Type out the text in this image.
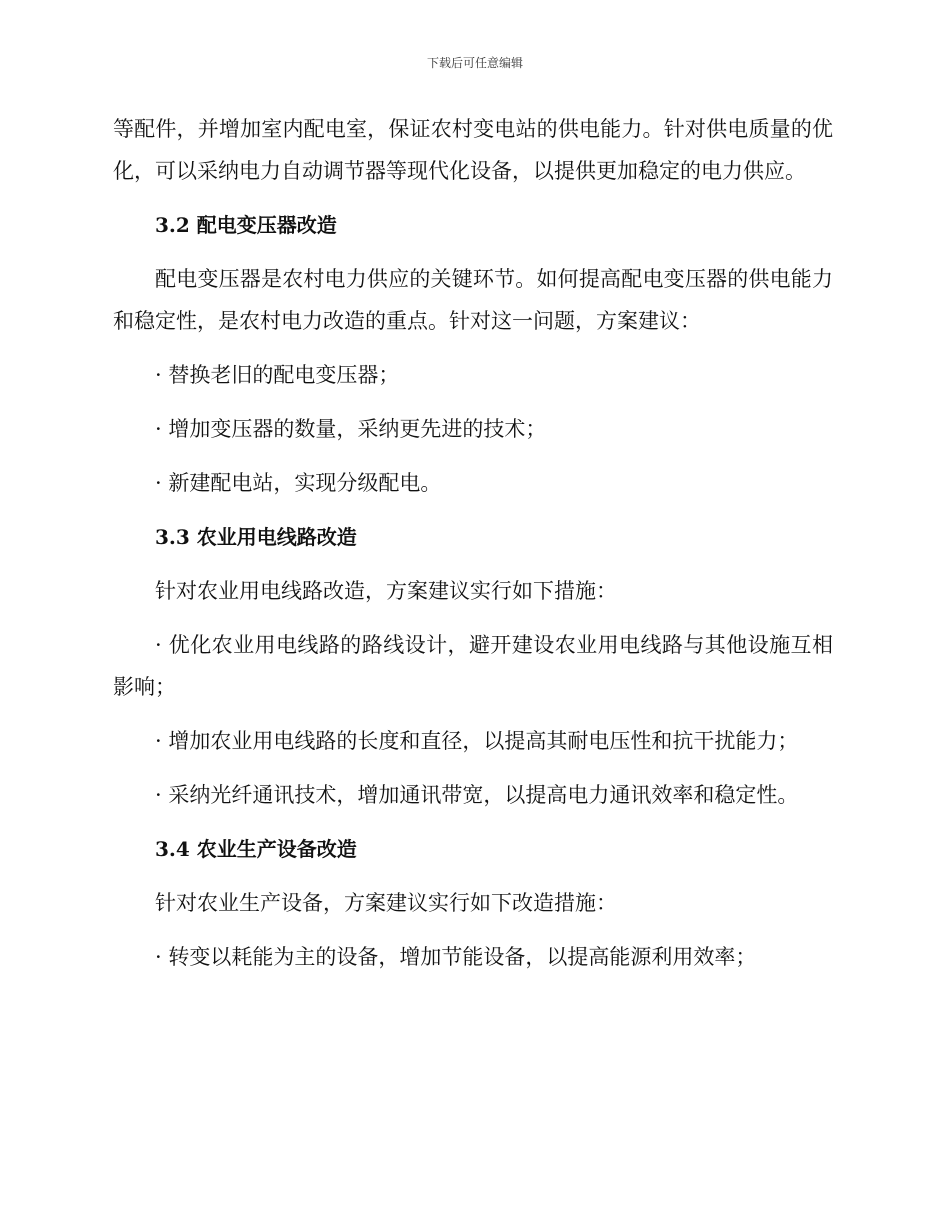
下载后可任意编辑

等配件，并增加室内配电室，保证农村变电站的供电能力。针对供电质量的优化，可以采纳电力自动调节器等现代化设备，以提供更加稳定的电力供应。

3.2 配电变压器改造

配电变压器是农村电力供应的关键环节。如何提高配电变压器的供电能力和稳定性，是农村电力改造的重点。针对这一问题，方案建议：

· 替换老旧的配电变压器；

· 增加变压器的数量，采纳更先进的技术；

· 新建配电站，实现分级配电。

3.3 农业用电线路改造

针对农业用电线路改造，方案建议实行如下措施：

· 优化农业用电线路的路线设计，避开建设农业用电线路与其他设施互相影响；

· 增加农业用电线路的长度和直径，以提高其耐电压性和抗干扰能力；

· 采纳光纤通讯技术，增加通讯带宽，以提高电力通讯效率和稳定性。

3.4 农业生产设备改造

针对农业生产设备，方案建议实行如下改造措施：

· 转变以耗能为主的设备，增加节能设备，以提高能源利用效率；
